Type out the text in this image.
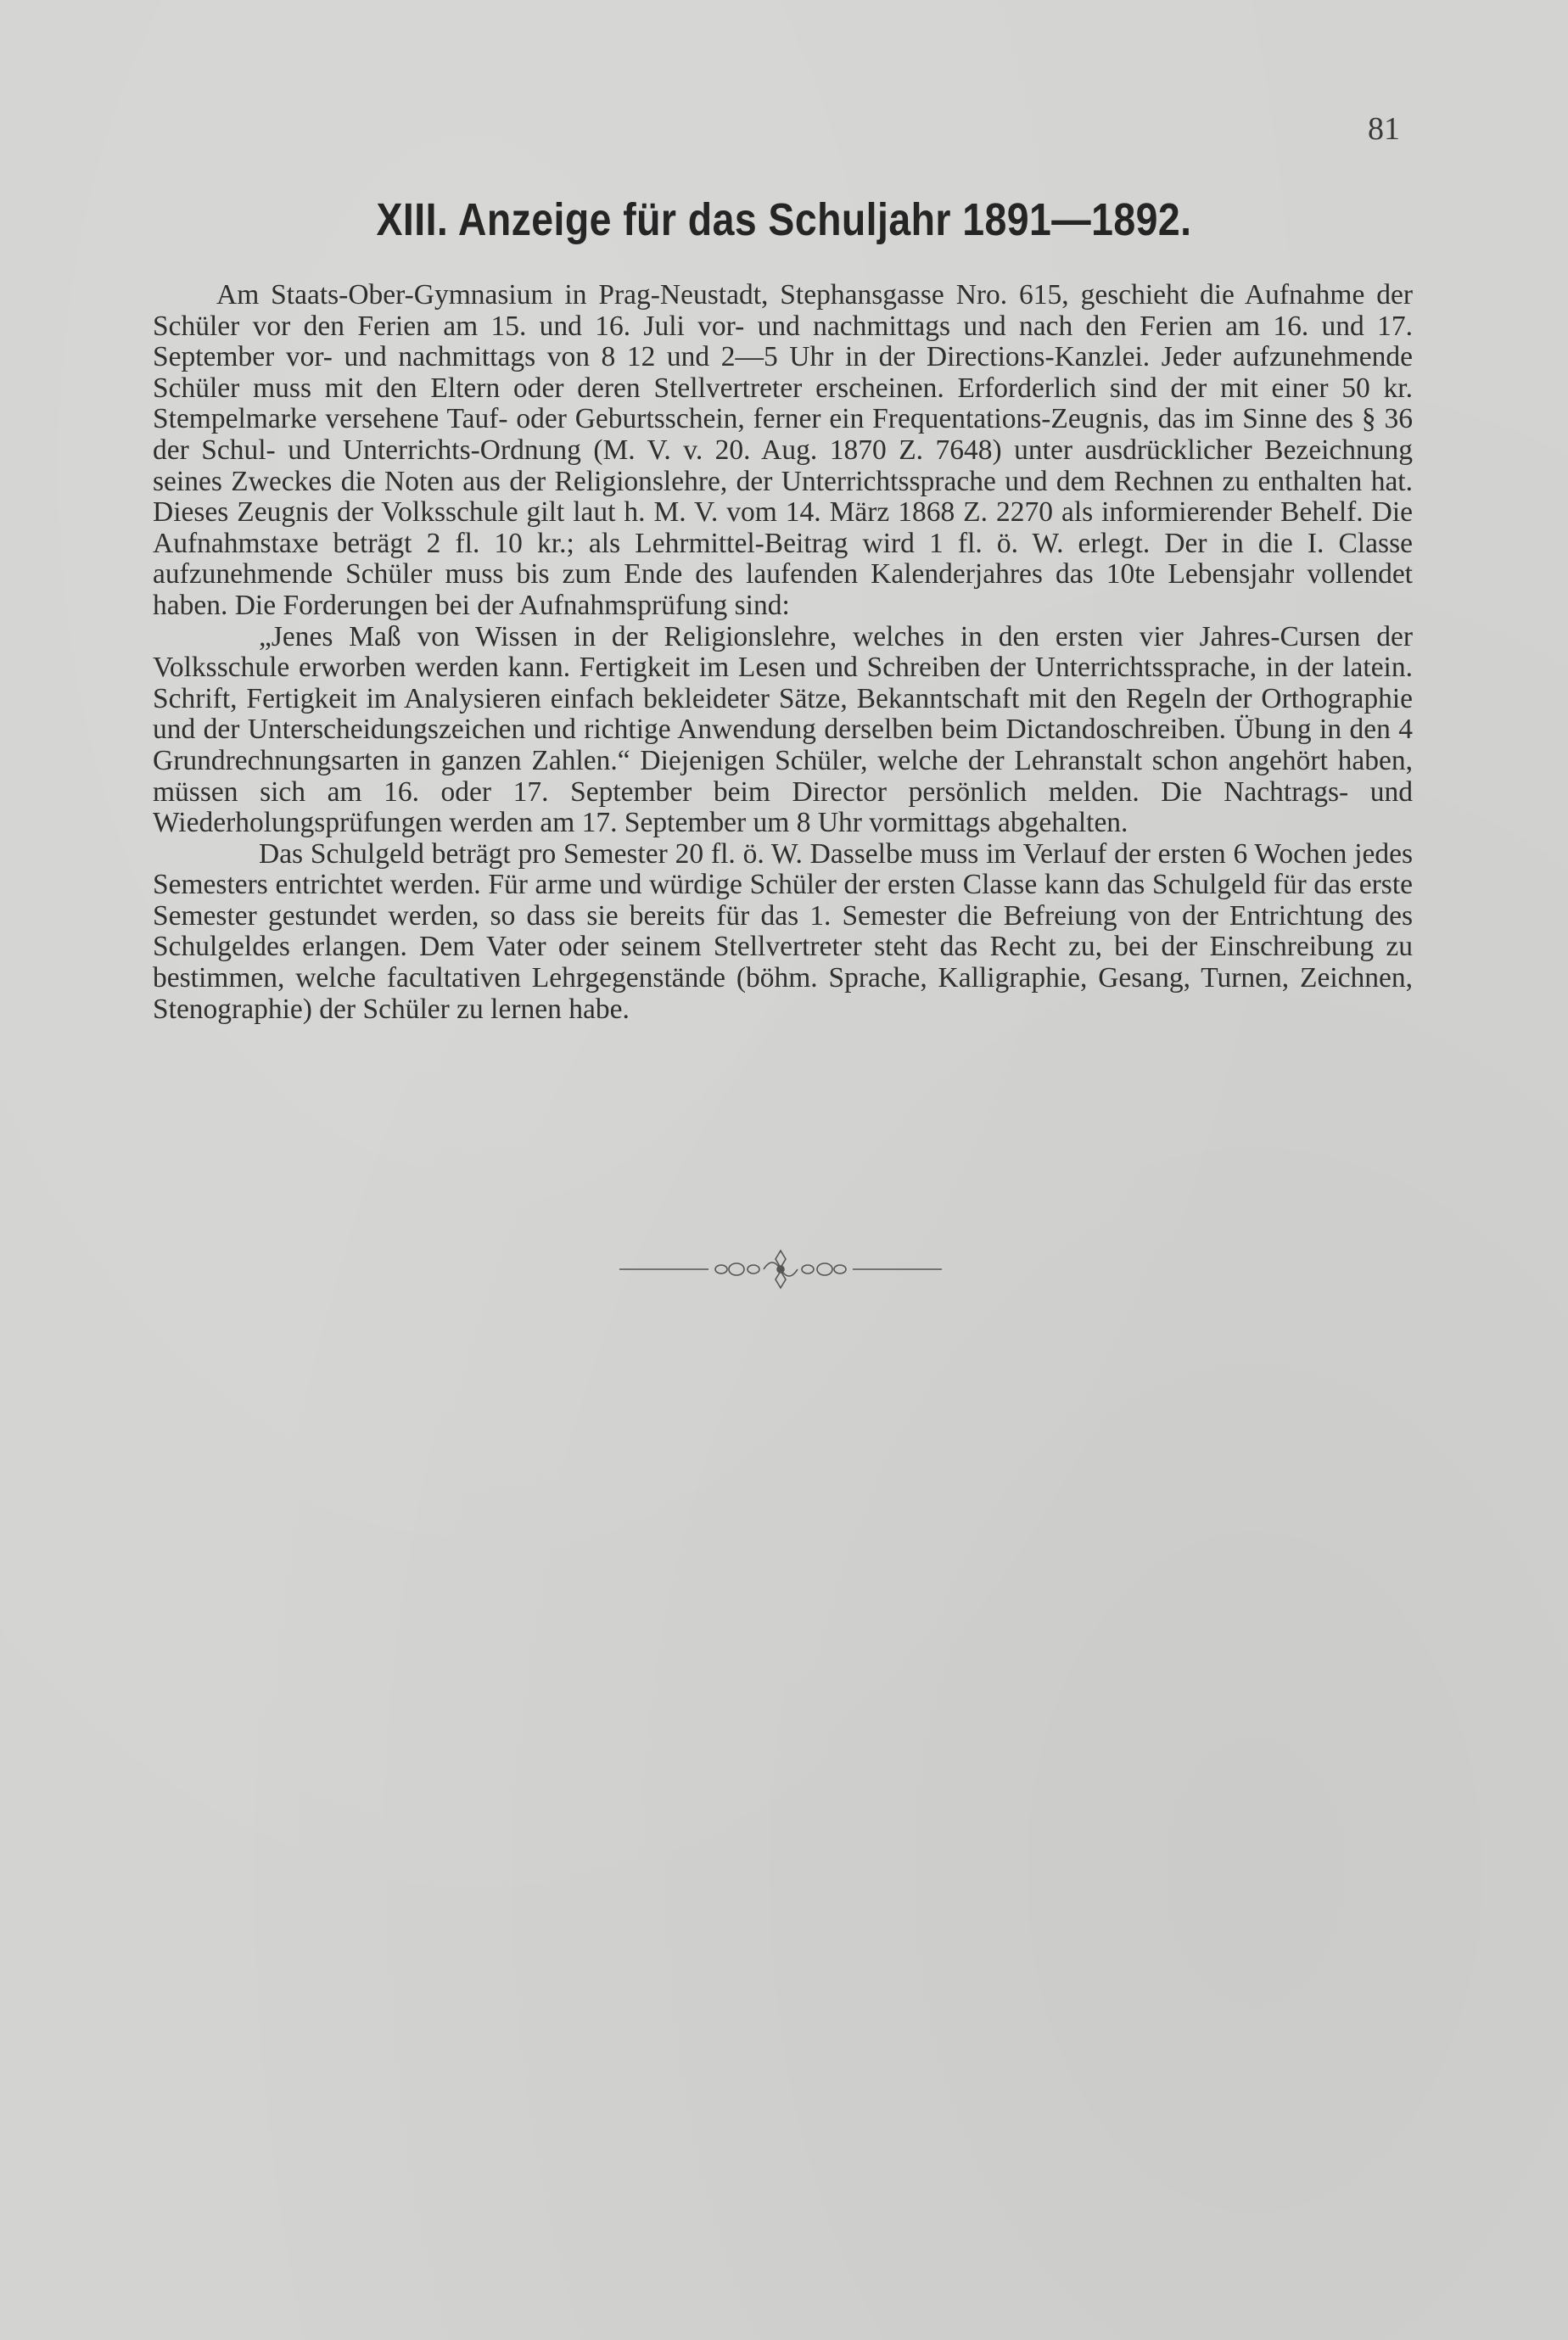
81
XIII. Anzeige für das Schuljahr 1891—1892.

Am Staats-Ober-Gymnasium in Prag-Neustadt, Stephansgasse Nro. 615, geschieht die Aufnahme der Schüler vor den Ferien am 15. und 16. Juli vor- und nachmittags und nach den Ferien am 16. und 17. September vor- und nachmittags von 8 12 und 2—5 Uhr in der Directions-Kanzlei. Jeder aufzunehmende Schüler muss mit den Eltern oder deren Stellvertreter erscheinen. Erforderlich sind der mit einer 50 kr. Stempelmarke versehene Tauf- oder Geburtsschein, ferner ein Frequentations-Zeugnis, das im Sinne des § 36 der Schul- und Unterrichts-Ordnung (M. V. v. 20. Aug. 1870 Z. 7648) unter ausdrücklicher Bezeichnung seines Zweckes die Noten aus der Religionslehre, der Unterrichtssprache und dem Rechnen zu enthalten hat. Dieses Zeugnis der Volksschule gilt laut h. M. V. vom 14. März 1868 Z. 2270 als informierender Behelf. Die Aufnahmstaxe beträgt 2 fl. 10 kr.; als Lehrmittel-Beitrag wird 1 fl. ö. W. erlegt. Der in die I. Classe aufzunehmende Schüler muss bis zum Ende des laufenden Kalenderjahres das 10te Lebensjahr vollendet haben. Die Forderungen bei der Aufnahmsprüfung sind:

„Jenes Maß von Wissen in der Religionslehre, welches in den ersten vier Jahres-Cursen der Volksschule erworben werden kann. Fertigkeit im Lesen und Schreiben der Unterrichtssprache, in der latein. Schrift, Fertigkeit im Analysieren einfach bekleideter Sätze, Bekanntschaft mit den Regeln der Orthographie und der Unterscheidungszeichen und richtige Anwendung derselben beim Dictandoschreiben. Übung in den 4 Grundrechnungsarten in ganzen Zahlen.“ Diejenigen Schüler, welche der Lehranstalt schon angehört haben, müssen sich am 16. oder 17. September beim Director persönlich melden. Die Nachtrags- und Wiederholungsprüfungen werden am 17. September um 8 Uhr vormittags abgehalten.

Das Schulgeld beträgt pro Semester 20 fl. ö. W. Dasselbe muss im Verlauf der ersten 6 Wochen jedes Semesters entrichtet werden. Für arme und würdige Schüler der ersten Classe kann das Schulgeld für das erste Semester gestundet werden, so dass sie bereits für das 1. Semester die Befreiung von der Entrichtung des Schulgeldes erlangen. Dem Vater oder seinem Stellvertreter steht das Recht zu, bei der Einschreibung zu bestimmen, welche facultativen Lehrgegenstände (böhm. Sprache, Kalligraphie, Gesang, Turnen, Zeichnen, Stenographie) der Schüler zu lernen habe.
